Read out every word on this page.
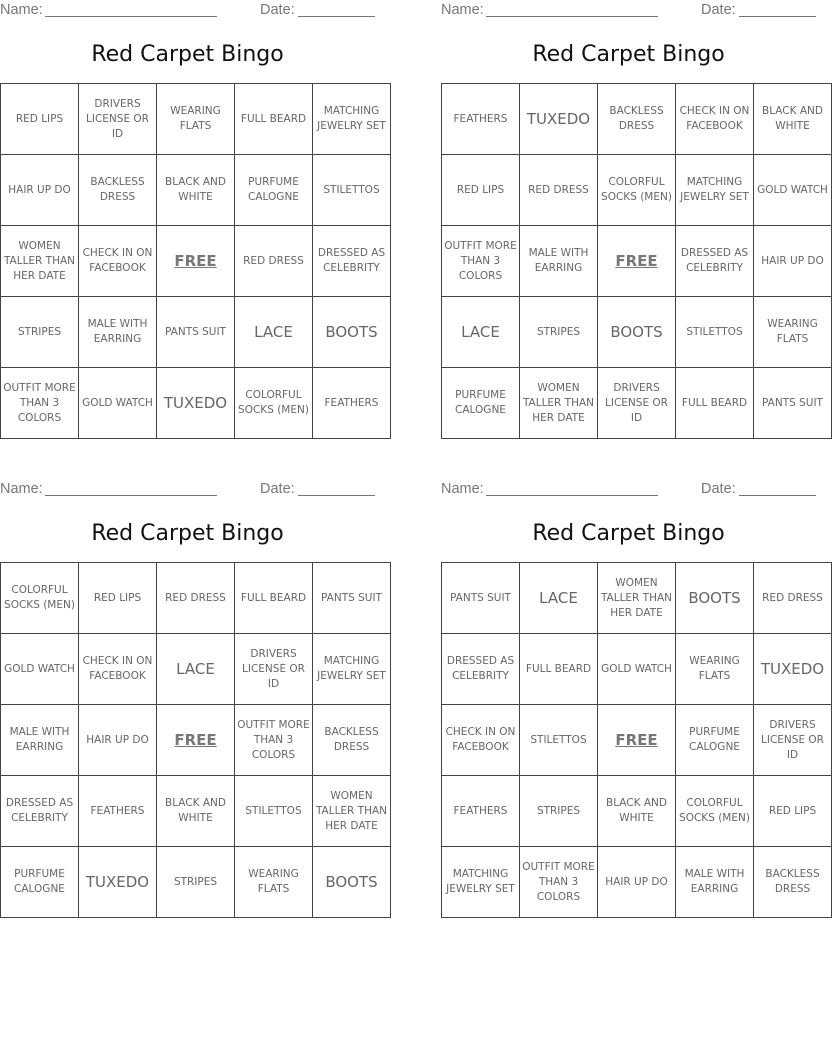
Name:	Date:
Red Carpet Bingo
RED LIPS	DRIVERS LICENSE OR ID	WEARING FLATS	FULL BEARD	MATCHING JEWELRY SET
HAIR UP DO	BACKLESS DRESS	BLACK AND WHITE	PURFUME CALOGNE	STILETTOS
WOMEN TALLER THAN HER DATE	CHECK IN ON FACEBOOK	FREE	RED DRESS	DRESSED AS CELEBRITY
STRIPES	MALE WITH EARRING	PANTS SUIT	LACE	BOOTS
OUTFIT MORE THAN 3 COLORS	GOLD WATCH	TUXEDO	COLORFUL SOCKS (MEN)	FEATHERS
Name:	Date:
Red Carpet Bingo
FEATHERS	TUXEDO	BACKLESS DRESS	CHECK IN ON FACEBOOK	BLACK AND WHITE
RED LIPS	RED DRESS	COLORFUL SOCKS (MEN)	MATCHING JEWELRY SET	GOLD WATCH
OUTFIT MORE THAN 3 COLORS	MALE WITH EARRING	FREE	DRESSED AS CELEBRITY	HAIR UP DO
LACE	STRIPES	BOOTS	STILETTOS	WEARING FLATS
PURFUME CALOGNE	WOMEN TALLER THAN HER DATE	DRIVERS LICENSE OR ID	FULL BEARD	PANTS SUIT
Name:	Date:
Red Carpet Bingo
COLORFUL SOCKS (MEN)	RED LIPS	RED DRESS	FULL BEARD	PANTS SUIT
GOLD WATCH	CHECK IN ON FACEBOOK	LACE	DRIVERS LICENSE OR ID	MATCHING JEWELRY SET
MALE WITH EARRING	HAIR UP DO	FREE	OUTFIT MORE THAN 3 COLORS	BACKLESS DRESS
DRESSED AS CELEBRITY	FEATHERS	BLACK AND WHITE	STILETTOS	WOMEN TALLER THAN HER DATE
PURFUME CALOGNE	TUXEDO	STRIPES	WEARING FLATS	BOOTS
Name:	Date:
Red Carpet Bingo
PANTS SUIT	LACE	WOMEN TALLER THAN HER DATE	BOOTS	RED DRESS
DRESSED AS CELEBRITY	FULL BEARD	GOLD WATCH	WEARING FLATS	TUXEDO
CHECK IN ON FACEBOOK	STILETTOS	FREE	PURFUME CALOGNE	DRIVERS LICENSE OR ID
FEATHERS	STRIPES	BLACK AND WHITE	COLORFUL SOCKS (MEN)	RED LIPS
MATCHING JEWELRY SET	OUTFIT MORE THAN 3 COLORS	HAIR UP DO	MALE WITH EARRING	BACKLESS DRESS
